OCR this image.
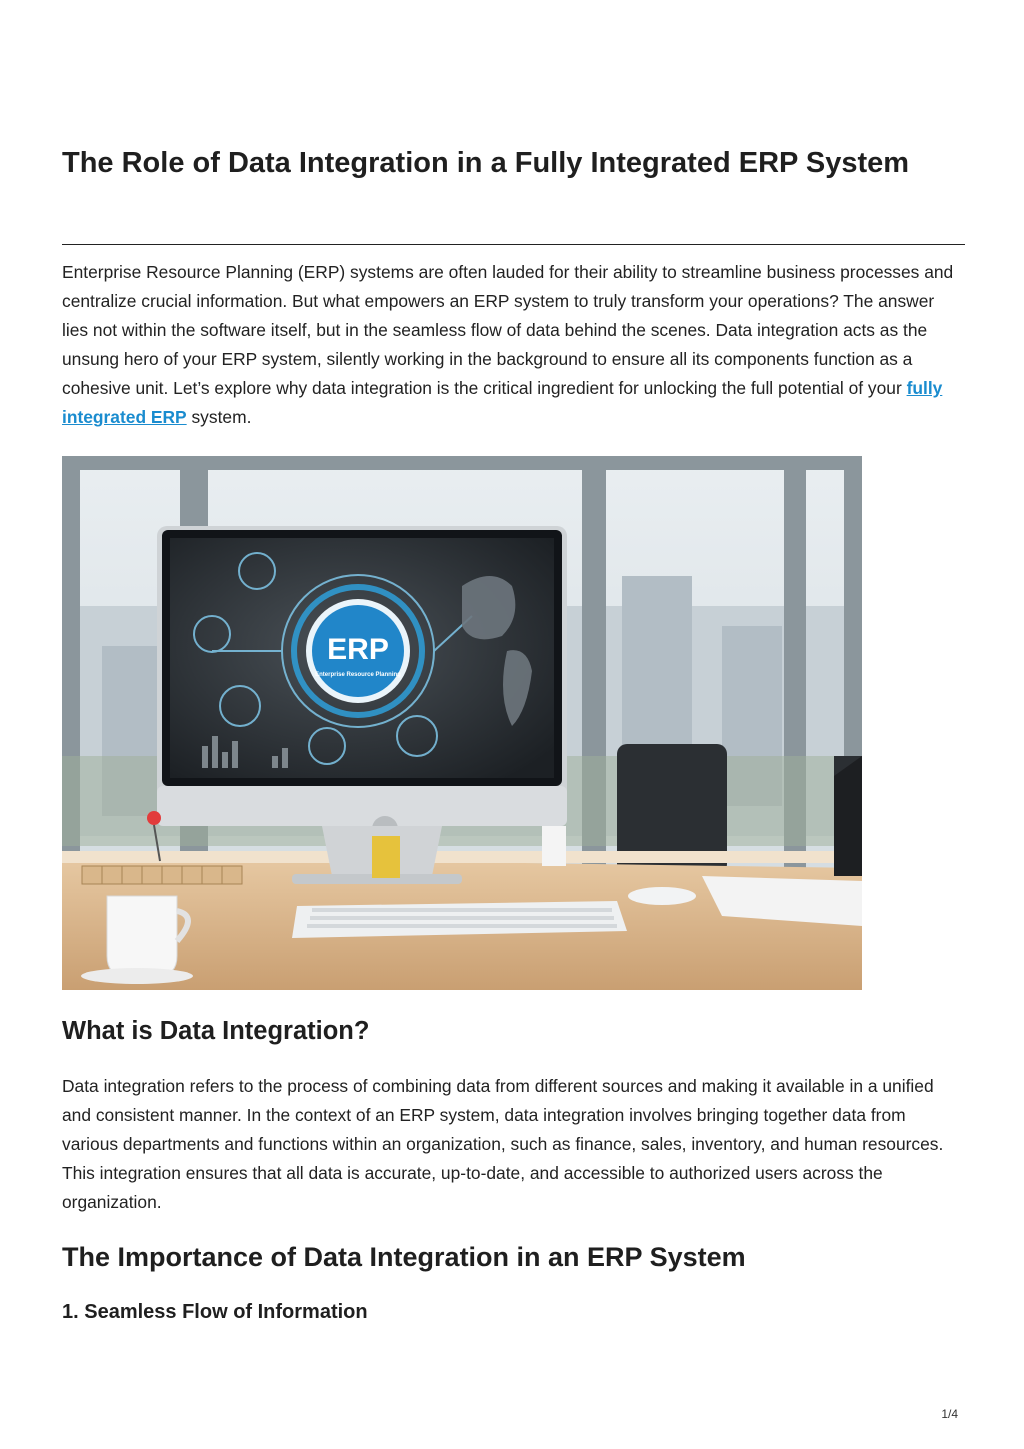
The Role of Data Integration in a Fully Integrated ERP System

Enterprise Resource Planning (ERP) systems are often lauded for their ability to streamline business processes and centralize crucial information. But what empowers an ERP system to truly transform your operations? The answer lies not within the software itself, but in the seamless flow of data behind the scenes. Data integration acts as the unsung hero of your ERP system, silently working in the background to ensure all its components function as a cohesive unit. Let’s explore why data integration is the critical ingredient for unlocking the full potential of your fully integrated ERP system.

ERP
Enterprise Resource Planning
What is Data Integration?

Data integration refers to the process of combining data from different sources and making it available in a unified and consistent manner. In the context of an ERP system, data integration involves bringing together data from various departments and functions within an organization, such as finance, sales, inventory, and human resources. This integration ensures that all data is accurate, up-to-date, and accessible to authorized users across the organization.

The Importance of Data Integration in an ERP System
1. Seamless Flow of Information
1/4
